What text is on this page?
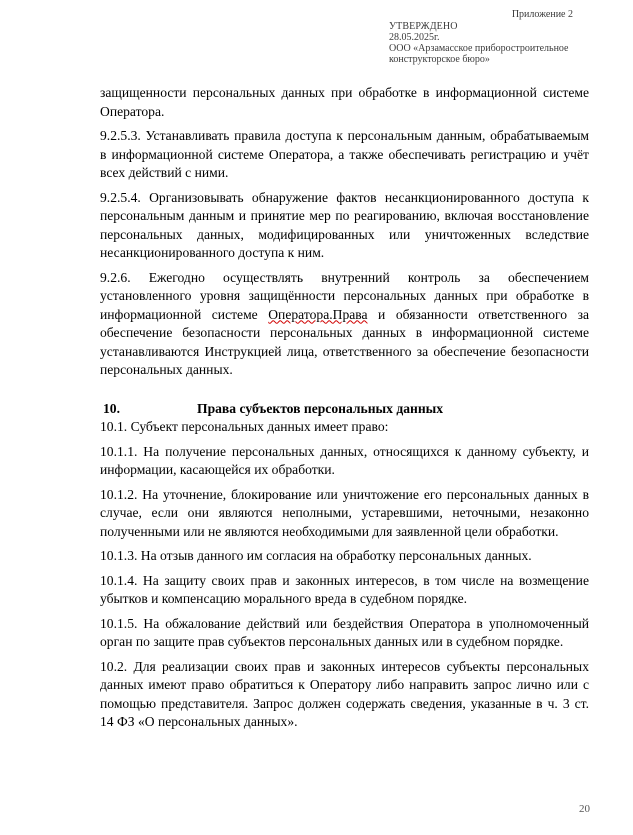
Приложение 2
УТВЕРЖДЕНО
28.05.2025г.
ООО «Арзамасское приборостроительное
конструкторское бюро»

защищенности персональных данных при обработке в информационной системе Оператора.

9.2.5.3. Устанавливать правила доступа к персональным данным, обрабатываемым в информационной системе Оператора, а также обеспечивать регистрацию и учёт всех действий с ними.

9.2.5.4. Организовывать обнаружение фактов несанкционированного доступа к персональным данным и принятие мер по реагированию, включая восстановление персональных данных, модифицированных или уничтоженных вследствие несанкционированного доступа к ним.

9.2.6. Ежегодно осуществлять внутренний контроль за обеспечением установленного уровня защищённости персональных данных при обработке в информационной системе Оператора.Права и обязанности ответственного за обеспечение безопасности персональных данных в информационной системе устанавливаются Инструкцией лица, ответственного за обеспечение безопасности персональных данных.

10.	Права субъектов персональных данных

10.1. Субъект персональных данных имеет право:

10.1.1. На получение персональных данных, относящихся к данному субъекту, и информации, касающейся их обработки.

10.1.2. На уточнение, блокирование или уничтожение его персональных данных в случае, если они являются неполными, устаревшими, неточными, незаконно полученными или не являются необходимыми для заявленной цели обработки.

10.1.3. На отзыв данного им согласия на обработку персональных данных.

10.1.4. На защиту своих прав и законных интересов, в том числе на возмещение убытков и компенсацию морального вреда в судебном порядке.

10.1.5. На обжалование действий или бездействия Оператора в уполномоченный орган по защите прав субъектов персональных данных или в судебном порядке.

10.2. Для реализации своих прав и законных интересов субъекты персональных данных имеют право обратиться к Оператору либо направить запрос лично или с помощью представителя. Запрос должен содержать сведения, указанные в ч. 3 ст. 14 ФЗ «О персональных данных».

20
